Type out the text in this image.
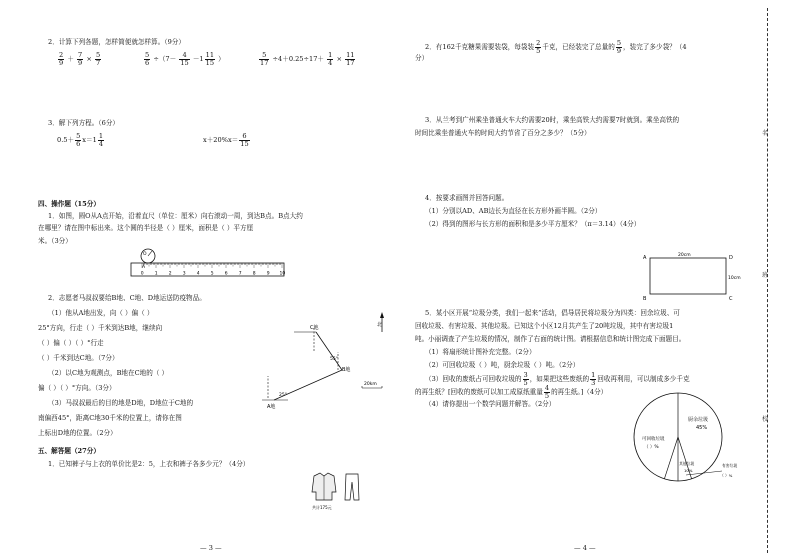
2．计算下列各题，怎样简便就怎样算。（9分）
$\frac{2}{9} + \frac{7}{9} \times \frac{5}{7}$	$\frac{5}{6} \div(7- \frac{4}{15} -1 \frac{11}{15}$ ）	$\frac{5}{17} \div 4+0.25\div 17+ \frac{1}{4} \times \frac{11}{17}$
3．解下列方程。（6分）
$0.5+ \frac{5}{6} x=1 \frac{1}{4}$	$x+20\%x= \frac{6}{15}$
四、操作题（15分）
1．如图，圆O从A点开始，沿着直尺（单位：厘米）向右滚动一周，到达B点。B点大约
在哪里？请在图中标出来。这个圆的半径是（ ）厘米，面积是（ ）平方厘
米。（3分）
0 1 2 3 4 5 6 7 8 9 10
O
A
2．志愿者马叔叔要给B地、C地、D地运送防疫物品。
（1）他从A地出发，向（ ）偏（ ）
25°方向，行走（ ）千米到达B地，继续向
（ ）偏（ ）（ ）°行走
（ ）千米到达C地。（7分）
（2）以C地为观测点，B地在C地的（ ）
偏（ ）（ ）°方向。（3分）
（3）马叔叔最后的目的地是D地，D地位于C地的
南偏西45°，距离C地30千米的位置上，请你在图
上标出D地的位置。（2分）
C地
B地
A地
25°
55°
北
20km
五、解答题（27分）
1．已知裤子与上衣的单价比是2：5，上衣和裤子各多少元？（4分）
共计175元
— 3 —
2．有162千克糖果需要装袋，每袋装 $\frac{2}{5}$ 千克，已经装完了总量的 $\frac{5}{9}$ ，装完了多少袋？（4
分）
3．从兰考到广州乘坐普通火车大约需要20时，乘坐高铁大约需要7时就到。乘坐高铁的
时间比乘坐普通火车的时间大约节省了百分之多少？（5分）
4．按要求画图并回答问题。
（1）分别以AD、AB边长为直径在长方形外画半圆。（2分）
（2）得到的图形与长方形的面积和是多少平方厘米？（π＝3.14）（4分）
A	D
B	C
20cm
10cm
5．某小区开展“垃圾分类，我们一起来”活动，倡导居民将垃圾分为四类：回余垃圾、可
回收垃圾、有害垃圾、其他垃圾。已知这个小区12月共产生了20吨垃圾，其中有害垃圾1
吨。小丽调查了产生垃圾的情况，制作了右面的统计图。请根据信息和统计图完成下面题目。
（1）将扇形统计图补充完整。（2分）
（2）可回收垃圾（ ）吨，厨余垃圾（ ）吨。（2分）
（3）回收的废纸占可回收垃圾的 $\frac{3}{5}$ ，如果把这些废纸的 $\frac{1}{3}$ 回收再利用，可以制成多少千克
的再生纸？[回收的废纸可以加工成原纸重量 $\frac{4}{5}$ 的再生纸。]（4分）
（4）请你提出一个数学问题并解答。（2分）
厨余垃圾
45%
可回收垃圾
（ ）%
其他垃圾
10%
有害垃圾
（ ）%
— 4 —
名
班
校
